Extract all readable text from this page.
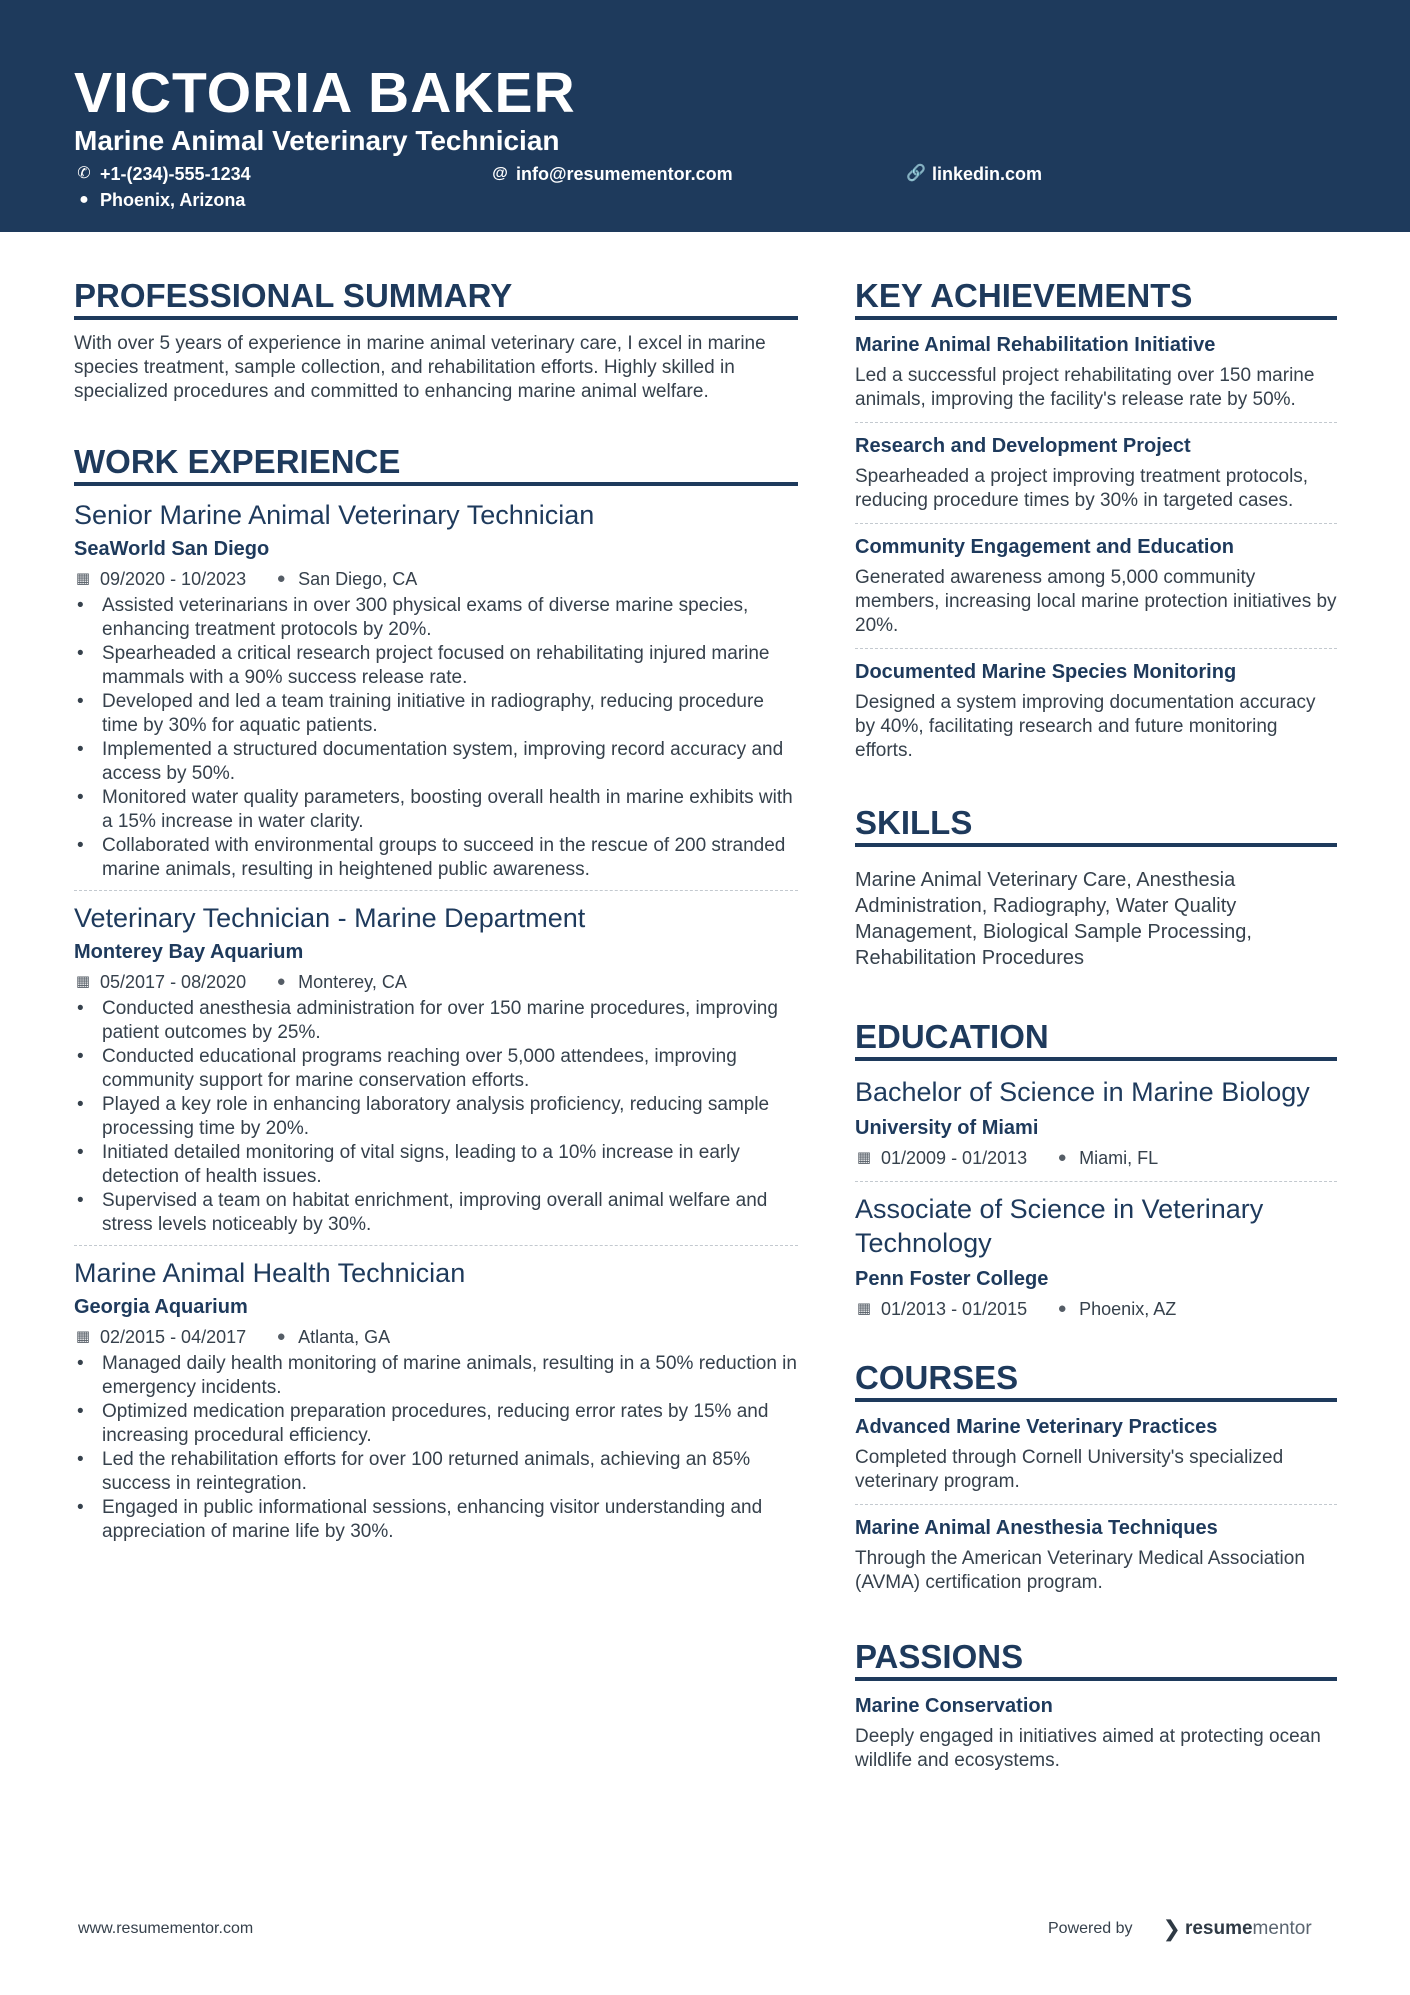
VICTORIA BAKER
Marine Animal Veterinary Technician
✆ +1-(234)-555-1234	@ info@resumementor.com	🔗 linkedin.com
● Phoenix, Arizona
PROFESSIONAL SUMMARY

With over 5 years of experience in marine animal veterinary care, I excel in marine species treatment, sample collection, and rehabilitation efforts. Highly skilled in specialized procedures and committed to enhancing marine animal welfare.

WORK EXPERIENCE
Senior Marine Animal Veterinary Technician
SeaWorld San Diego
▦ 09/2020 - 10/2023 ● San Diego, CA
• Assisted veterinarians in over 300 physical exams of diverse marine species, enhancing treatment protocols by 20%.
• Spearheaded a critical research project focused on rehabilitating injured marine mammals with a 90% success release rate.
• Developed and led a team training initiative in radiography, reducing procedure time by 30% for aquatic patients.
• Implemented a structured documentation system, improving record accuracy and access by 50%.
• Monitored water quality parameters, boosting overall health in marine exhibits with a 15% increase in water clarity.
• Collaborated with environmental groups to succeed in the rescue of 200 stranded marine animals, resulting in heightened public awareness.
Veterinary Technician - Marine Department
Monterey Bay Aquarium
▦ 05/2017 - 08/2020 ● Monterey, CA
• Conducted anesthesia administration for over 150 marine procedures, improving patient outcomes by 25%.
• Conducted educational programs reaching over 5,000 attendees, improving community support for marine conservation efforts.
• Played a key role in enhancing laboratory analysis proficiency, reducing sample processing time by 20%.
• Initiated detailed monitoring of vital signs, leading to a 10% increase in early detection of health issues.
• Supervised a team on habitat enrichment, improving overall animal welfare and stress levels noticeably by 30%.
Marine Animal Health Technician
Georgia Aquarium
▦ 02/2015 - 04/2017 ● Atlanta, GA
• Managed daily health monitoring of marine animals, resulting in a 50% reduction in emergency incidents.
• Optimized medication preparation procedures, reducing error rates by 15% and increasing procedural efficiency.
• Led the rehabilitation efforts for over 100 returned animals, achieving an 85% success in reintegration.
• Engaged in public informational sessions, enhancing visitor understanding and appreciation of marine life by 30%.
KEY ACHIEVEMENTS
Marine Animal Rehabilitation Initiative
Led a successful project rehabilitating over 150 marine animals, improving the facility's release rate by 50%.
Research and Development Project
Spearheaded a project improving treatment protocols, reducing procedure times by 30% in targeted cases.
Community Engagement and Education
Generated awareness among 5,000 community members, increasing local marine protection initiatives by 20%.
Documented Marine Species Monitoring
Designed a system improving documentation accuracy by 40%, facilitating research and future monitoring efforts.
SKILLS
Marine Animal Veterinary Care, Anesthesia Administration, Radiography, Water Quality Management, Biological Sample Processing, Rehabilitation Procedures
EDUCATION
Bachelor of Science in Marine Biology
University of Miami
▦ 01/2009 - 01/2013 ● Miami, FL
Associate of Science in Veterinary Technology
Penn Foster College
▦ 01/2013 - 01/2015 ● Phoenix, AZ
COURSES
Advanced Marine Veterinary Practices
Completed through Cornell University's specialized veterinary program.
Marine Animal Anesthesia Techniques
Through the American Veterinary Medical Association (AVMA) certification program.
PASSIONS
Marine Conservation
Deeply engaged in initiatives aimed at protecting ocean wildlife and ecosystems.
www.resumementor.com	Powered by ❯ resume mentor
